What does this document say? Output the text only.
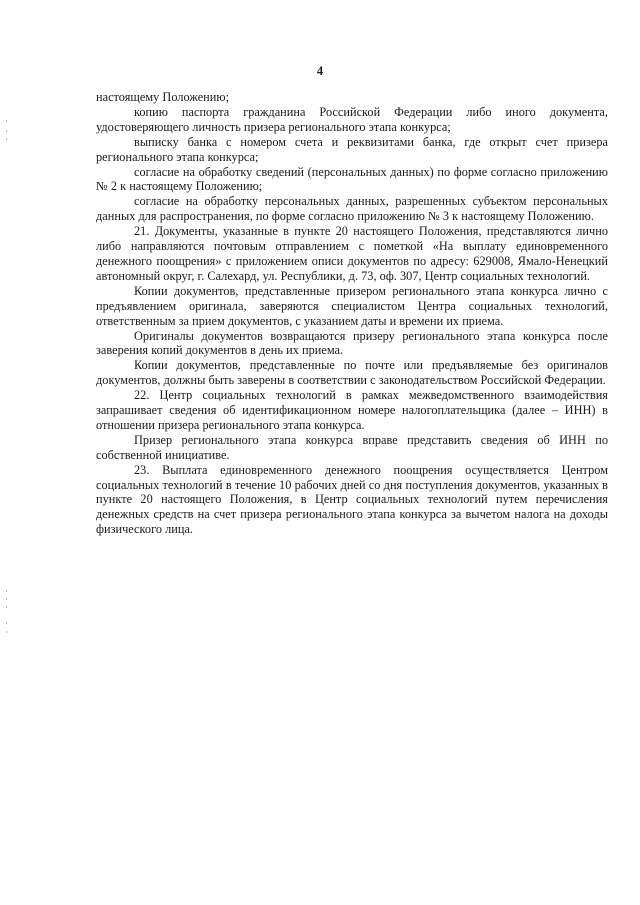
4

настоящему Положению;

копию паспорта гражданина Российской Федерации либо иного документа, удостоверяющего личность призера регионального этапа конкурса;

выписку банка с номером счета и реквизитами банка, где открыт счет призера регионального этапа конкурса;

согласие на обработку сведений (персональных данных) по форме согласно приложению № 2 к настоящему Положению;

согласие на обработку персональных данных, разрешенных субъектом персональных данных для распространения, по форме согласно приложению № 3 к настоящему Положению.

21. Документы, указанные в пункте 20 настоящего Положения, представляются лично либо направляются почтовым отправлением с пометкой «На выплату единовременного денежного поощрения» с приложением описи документов по адресу: 629008, Ямало-Ненецкий автономный округ, г. Салехард, ул. Республики, д. 73, оф. 307, Центр социальных технологий.

Копии документов, представленные призером регионального этапа конкурса лично с предъявлением оригинала, заверяются специалистом Центра социальных технологий, ответственным за прием документов, с указанием даты и времени их приема.

Оригиналы документов возвращаются призеру регионального этапа конкурса после заверения копий документов в день их приема.

Копии документов, представленные по почте или предъявляемые без оригиналов документов, должны быть заверены в соответствии с законодательством Российской Федерации.

22. Центр социальных технологий в рамках межведомственного взаимодействия запрашивает сведения об идентификационном номере налогоплательщика (далее – ИНН) в отношении призера регионального этапа конкурса.

Призер регионального этапа конкурса вправе представить сведения об ИНН по собственной инициативе.

23. Выплата единовременного денежного поощрения осуществляется Центром социальных технологий в течение 10 рабочих дней со дня поступления документов, указанных в пункте 20 настоящего Положения, в Центр социальных технологий путем перечисления денежных средств на счет призера регионального этапа конкурса за вычетом налога на доходы физического лица.
